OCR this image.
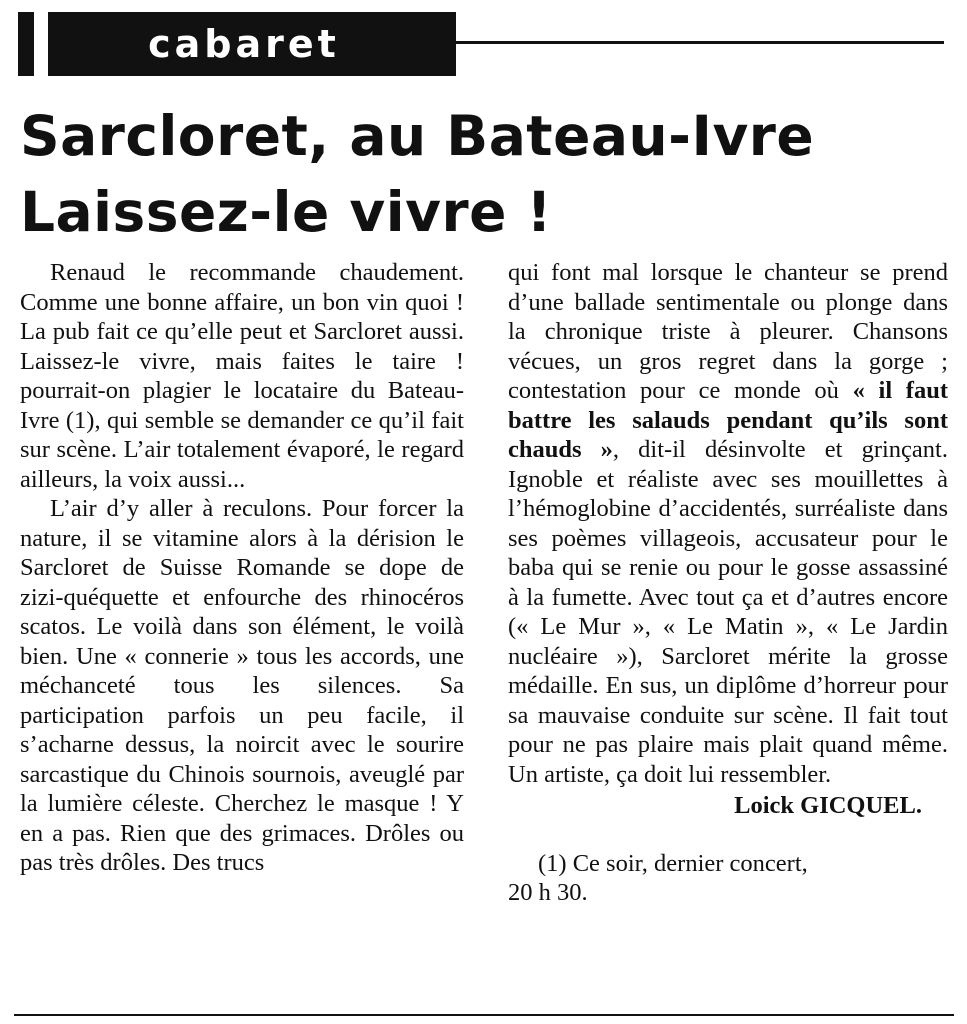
cabaret
Sarcloret, au Bateau-Ivre
Laissez-le vivre !

Renaud le recommande chaudement. Comme une bonne affaire, un bon vin quoi ! La pub fait ce qu’elle peut et Sarcloret aussi. Laissez-le vivre, mais faites le taire ! pourrait-on plagier le locataire du Bateau-Ivre (1), qui semble se demander ce qu’il fait sur scène. L’air totalement évaporé, le regard ailleurs, la voix aussi...

L’air d’y aller à reculons. Pour forcer la nature, il se vitamine alors à la dérision le Sarcloret de Suisse Romande se dope de zizi-quéquette et enfourche des rhinocéros scatos. Le voilà dans son élément, le voilà bien. Une « connerie » tous les accords, une méchanceté tous les silences. Sa participation parfois un peu facile, il s’acharne dessus, la noircit avec le sourire sarcastique du Chinois sournois, aveuglé par la lumière céleste. Cherchez le masque ! Y en a pas. Rien que des grimaces. Drôles ou pas très drôles. Des trucs

qui font mal lorsque le chanteur se prend d’une ballade sentimentale ou plonge dans la chronique triste à pleurer. Chansons vécues, un gros regret dans la gorge ; contestation pour ce monde où « il faut battre les salauds pendant qu’ils sont chauds », dit-il désinvolte et grinçant. Ignoble et réaliste avec ses mouillettes à l’hémoglobine d’accidentés, surréaliste dans ses poèmes villageois, accusateur pour le baba qui se renie ou pour le gosse assassiné à la fumette. Avec tout ça et d’autres encore (« Le Mur », « Le Matin », « Le Jardin nucléaire »), Sarcloret mérite la grosse médaille. En sus, un diplôme d’horreur pour sa mauvaise conduite sur scène. Il fait tout pour ne pas plaire mais plait quand même. Un artiste, ça doit lui ressembler.

Loick GICQUEL.

(1) Ce soir, dernier concert,

20 h 30.
